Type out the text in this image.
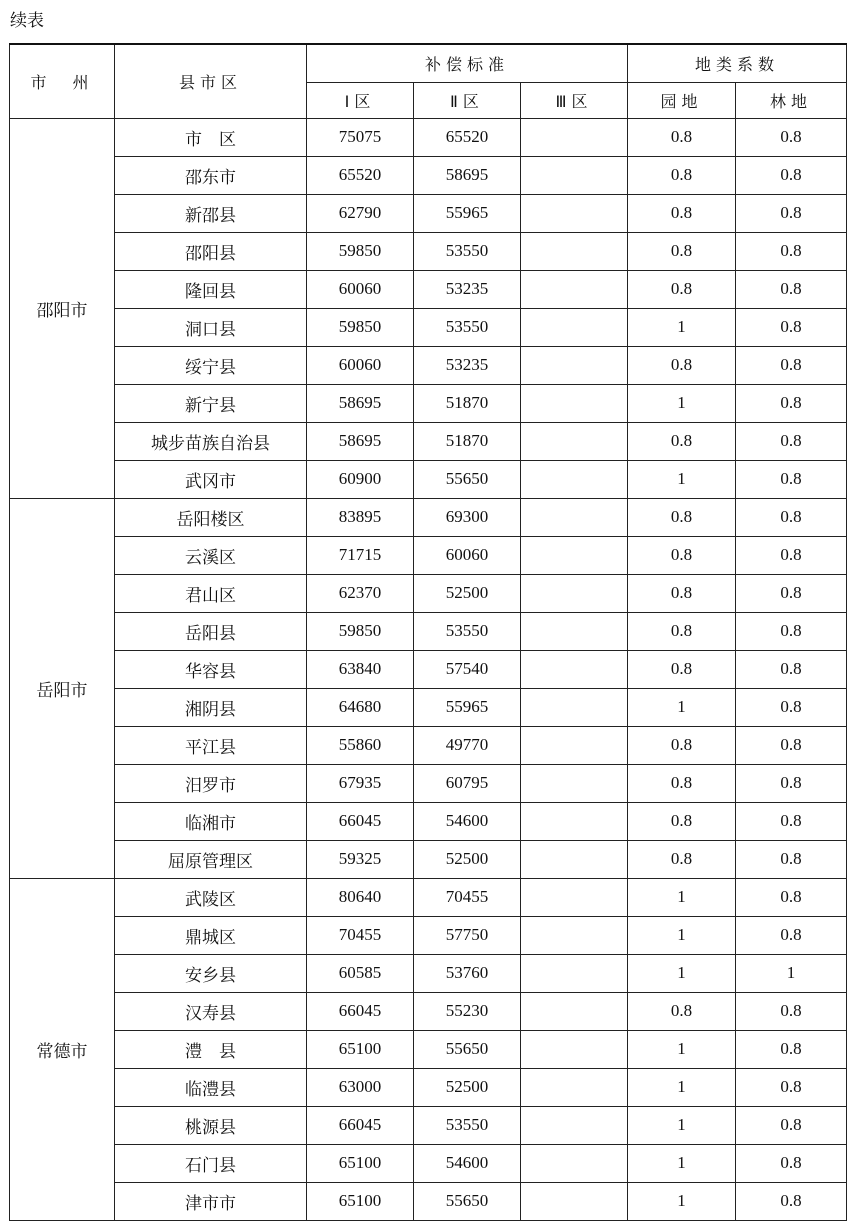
续表
市　州	县市区	补偿标准			地类系数	
		Ⅰ区	Ⅱ区	Ⅲ区	园地	林地
邵阳市	市　区	75075	65520		0.8	0.8
	邵东市	65520	58695		0.8	0.8
	新邵县	62790	55965		0.8	0.8
	邵阳县	59850	53550		0.8	0.8
	隆回县	60060	53235		0.8	0.8
	洞口县	59850	53550		1	0.8
	绥宁县	60060	53235		0.8	0.8
	新宁县	58695	51870		1	0.8
	城步苗族自治县	58695	51870		0.8	0.8
	武冈市	60900	55650		1	0.8
岳阳市	岳阳楼区	83895	69300		0.8	0.8
	云溪区	71715	60060		0.8	0.8
	君山区	62370	52500		0.8	0.8
	岳阳县	59850	53550		0.8	0.8
	华容县	63840	57540		0.8	0.8
	湘阴县	64680	55965		1	0.8
	平江县	55860	49770		0.8	0.8
	汨罗市	67935	60795		0.8	0.8
	临湘市	66045	54600		0.8	0.8
	屈原管理区	59325	52500		0.8	0.8
常德市	武陵区	80640	70455		1	0.8
	鼎城区	70455	57750		1	0.8
	安乡县	60585	53760		1	1
	汉寿县	66045	55230		0.8	0.8
	澧　县	65100	55650		1	0.8
	临澧县	63000	52500		1	0.8
	桃源县	66045	53550		1	0.8
	石门县	65100	54600		1	0.8
	津市市	65100	55650		1	0.8
